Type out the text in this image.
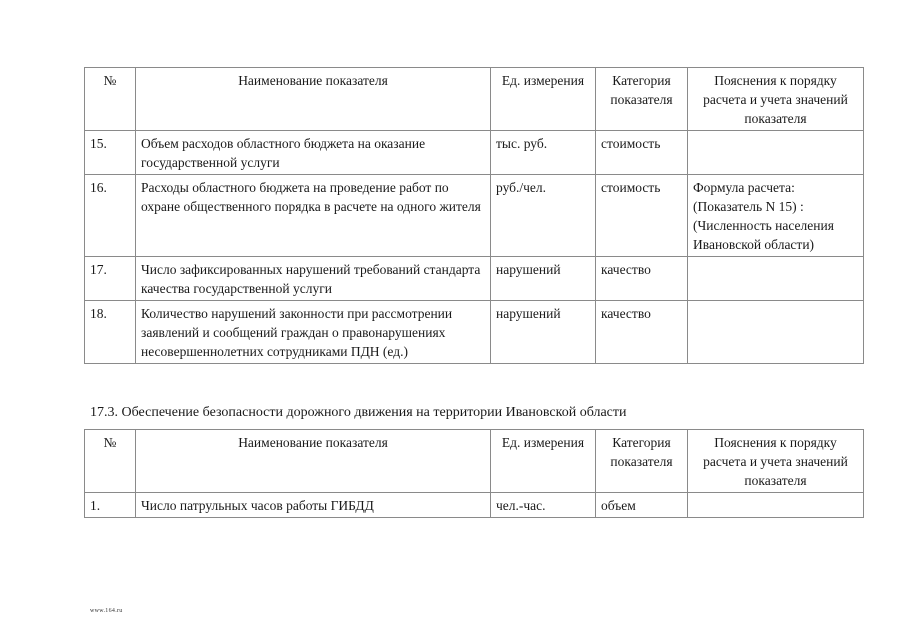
№	Наименование показателя	Ед. измерения	Категория показателя	Пояснения к порядку расчета и учета значений показателя
15.	Объем расходов областного бюджета на оказание государственной услуги	тыс. руб.	стоимость	
16.	Расходы областного бюджета на проведение работ по охране общественного порядка в расчете на одного жителя	руб./чел.	стоимость	Формула расчета: (Показатель N 15) : (Численность населения Ивановской области)
17.	Число зафиксированных нарушений требований стандарта качества государственной услуги	нарушений	качество	
18.	Количество нарушений законности при рассмотрении заявлений и сообщений граждан о правонарушениях несовершеннолетних сотрудниками ПДН (ед.)	нарушений	качество	
17.3. Обеспечение безопасности дорожного движения на территории Ивановской области
№	Наименование показателя	Ед. измерения	Категория показателя	Пояснения к порядку расчета и учета значений показателя
1.	Число патрульных часов работы ГИБДД	чел.-час.	объем	
www.164.ru
